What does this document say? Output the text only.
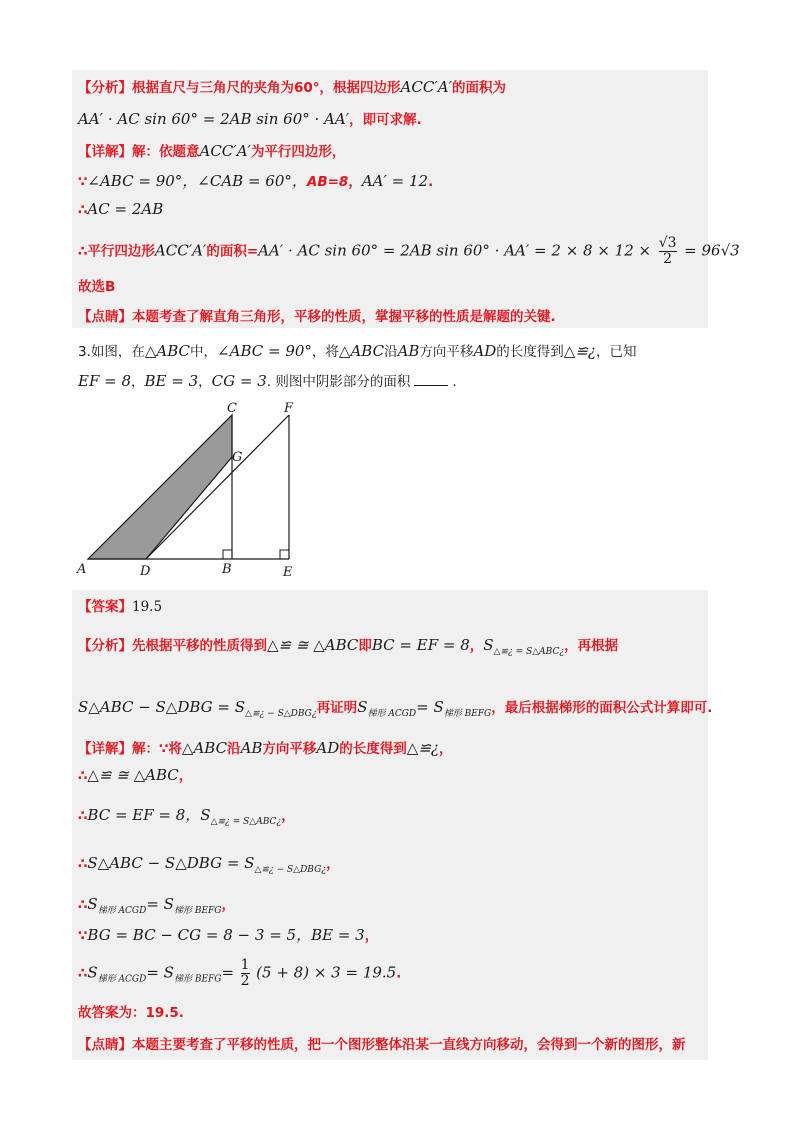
【分析】根据直尺与三角尺的夹角为60°，根据四边形ACC′A′的面积为
AA′ · AC sin 60° = 2AB sin 60° · AA′，即可求解.
【详解】解：依题意ACC′A′为平行四边形，
∵∠ABC = 90°，∠CAB = 60°，AB=8，AA′ = 12.
∴AC = 2AB
∴平行四边形ACC′A′的面积=AA′ · AC sin 60° = 2AB $\sin 60^\circ \cdot AA' = 2 \times 8 \times 12 \times \frac{√3}{2} = 96√3$
故选B
【点睛】本题考查了解直角三角形，平移的性质，掌握平移的性质是解题的关键.
3.如图，在△ABC中，∠ABC = 90°，将△ABC沿AB方向平移AD的长度得到△≌¿，已知
EF = 8，BE = 3，CG = 3. 则图中阴影部分的面积	.
A	D	B	E
C	F
G
【答案】19.5
【分析】先根据平移的性质得到△≌ ≅ △ABC即BC = EF = 8，$S_{\triangle≌¿ = S\triangle ABC¿}$，再根据
S△ABC − S△DBG = $S_{\triangle≌¿ - S\triangle DBG¿}$再证明$S_{梯形 ACGD}= S_{梯形 BEFG}$，最后根据梯形的面积公式计算即可.
【详解】解：∵将△ABC沿AB方向平移AD的长度得到△≌¿，
∴△≌ ≅ △ABC，
∴BC = EF = 8，$S_{\triangle≌¿ = S\triangle ABC¿}$，
∴S△ABC − S△DBG = $S_{\triangle≌¿ - S\triangle DBG¿}$，
$\therefore S_{梯形 ACGD}= S_{梯形 BEFG}$，
∵BG = BC − CG = 8 − 3 = 5，BE = 3，
$\therefore S_{梯形 ACGD}= S_{梯形 BEFG}= \frac{1}{2} (5 + 8) \times 3 = 19.5$.
故答案为：19.5.
【点睛】本题主要考查了平移的性质，把一个图形整体沿某一直线方向移动，会得到一个新的图形，新
